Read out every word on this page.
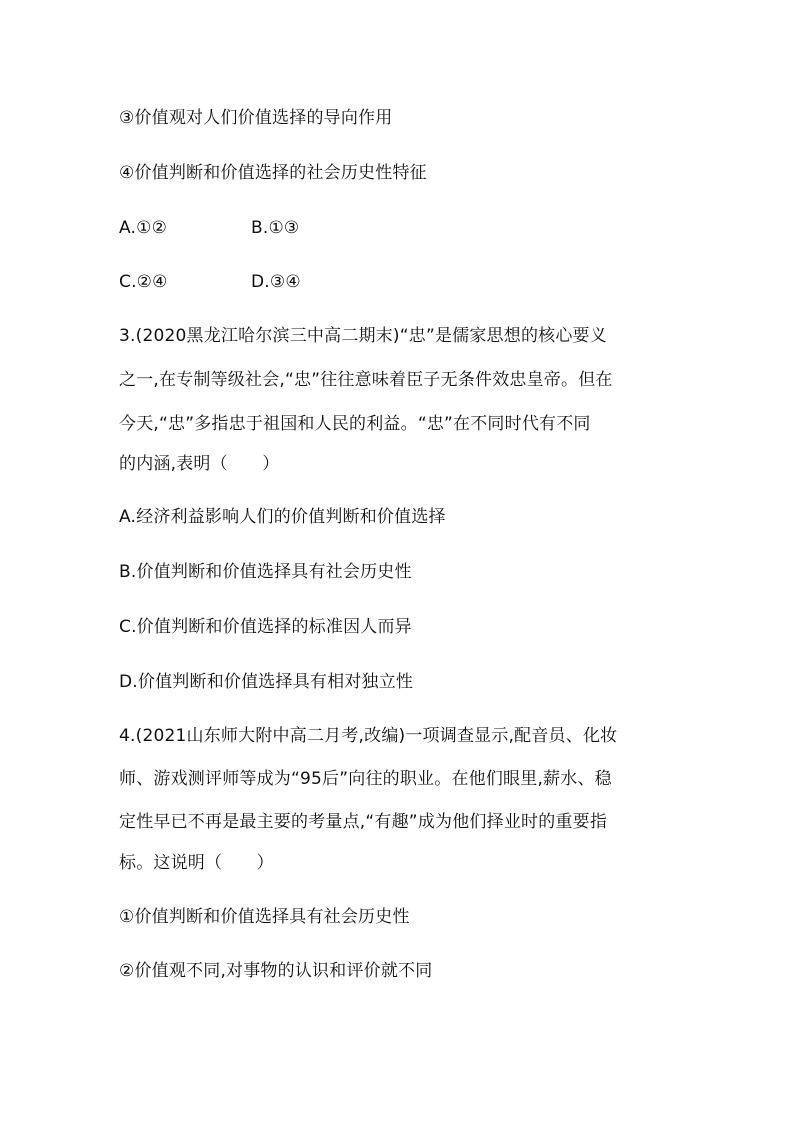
③价值观对人们价值选择的导向作用
④价值判断和价值选择的社会历史性特征
A.①②	B.①③
C.②④	D.③④
3.(2020黑龙江哈尔滨三中高二期末)“忠”是儒家思想的核心要义
之一,在专制等级社会,“忠”往往意味着臣子无条件效忠皇帝。但在
今天,“忠”多指忠于祖国和人民的利益。“忠”在不同时代有不同
的内涵,表明（　　）
A.经济利益影响人们的价值判断和价值选择
B.价值判断和价值选择具有社会历史性
C.价值判断和价值选择的标准因人而异
D.价值判断和价值选择具有相对独立性
4.(2021山东师大附中高二月考,改编)一项调查显示,配音员、化妆
师、游戏测评师等成为“95后”向往的职业。在他们眼里,薪水、稳
定性早已不再是最主要的考量点,“有趣”成为他们择业时的重要指
标。这说明（　　）
①价值判断和价值选择具有社会历史性
②价值观不同,对事物的认识和评价就不同
